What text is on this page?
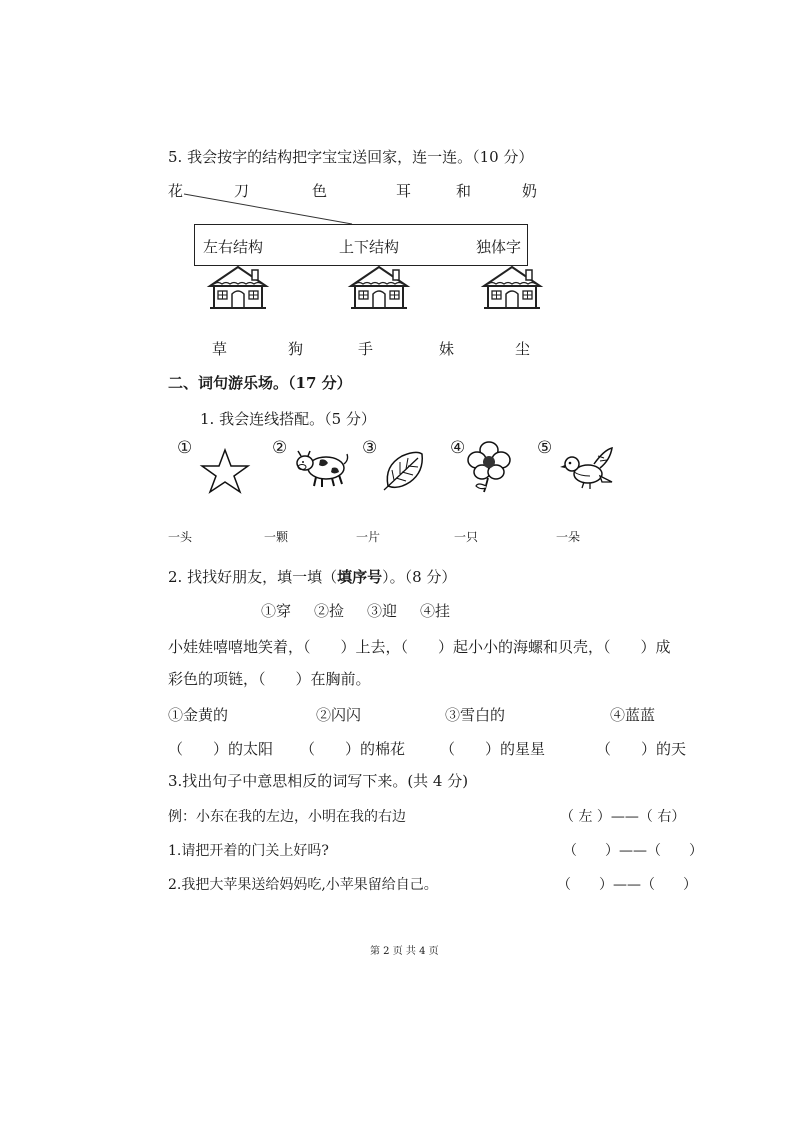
5. 我会按字的结构把字宝宝送回家，连一连。（10 分）
花	刀	色	耳	和	奶
左右结构	上下结构	独体字
草	狗	手	妹	尘
二、词句游乐场。（17 分）
1. 我会连线搭配。（5 分）
①	②	③	④	⑤
一头	一颗	一片	一只	一朵
2. 找找好朋友，填一填（填序号）。（8 分）
①穿 ②捡 ③迎 ④挂
小娃娃嘻嘻地笑着，（　　）上去，（　　）起小小的海螺和贝壳，（　　）成
彩色的项链，（　　）在胸前。
①金黄的	②闪闪	③雪白的	④蓝蓝
（　　）的太阳 （　　）的棉花 （　　）的星星	（　　）的天
3.找出句子中意思相反的词写下来。(共 4 分)
例：小东在我的左边，小明在我的右边	（ 左 ）——（ 右）
1.请把开着的门关上好吗?	（　　）——（　　）
2.我把大苹果送给妈妈吃,小苹果留给自己。	（　　）——（　　）
第 2 页 共 4 页
